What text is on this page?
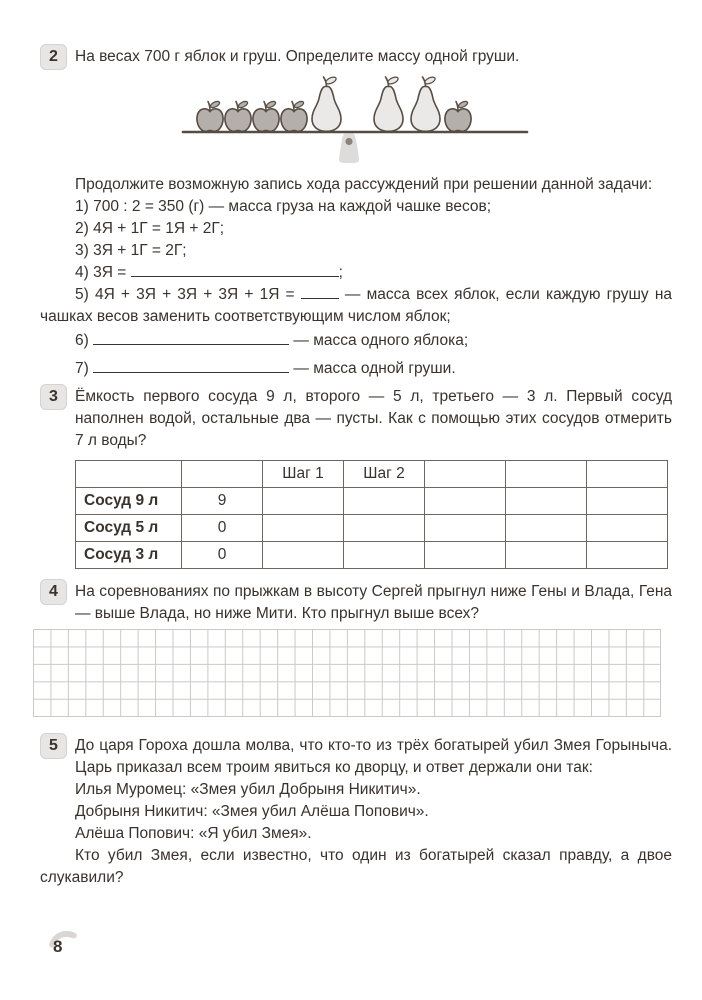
2	На весах 700 г яблок и груш. Определите массу одной груши.

Продолжите возможную запись хода рассуждений при решении данной задачи:

1) 700 : 2 = 350 (г) — масса груза на каждой чашке весов;

2) 4Я + 1Г = 1Я + 2Г;

3) 3Я + 1Г = 2Г;

4) 3Я =	;

5) 4Я + 3Я + 3Я + 3Я + 1Я =	— масса всех яблок, если каждую грушу на чашках весов заменить соответствующим числом яблок;

6)	— масса одного яблока;

7)	— масса одной груши.

3	Ёмкость первого сосуда 9 л, второго — 5 л, третьего — 3 л. Первый сосуд наполнен водой, остальные два — пусты. Как с помощью этих сосудов отмерить 7 л воды?

		Шаг 1	Шаг 2			
Сосуд 9 л	9					
Сосуд 5 л	0					
Сосуд 3 л	0					
4	На соревнованиях по прыжкам в высоту Сергей прыгнул ниже Гены и Влада, Гена — выше Влада, но ниже Мити. Кто прыгнул выше всех?

5	До царя Гороха дошла молва, что кто-то из трёх богатырей убил Змея Горыныча. Царь приказал всем троим явиться ко дворцу, и ответ держали они так:

Илья Муромец: «Змея убил Добрыня Никитич».

Добрыня Никитич: «Змея убил Алёша Попович».

Алёша Попович: «Я убил Змея».

Кто убил Змея, если известно, что один из богатырей сказал правду, а двое слукавили?

8
